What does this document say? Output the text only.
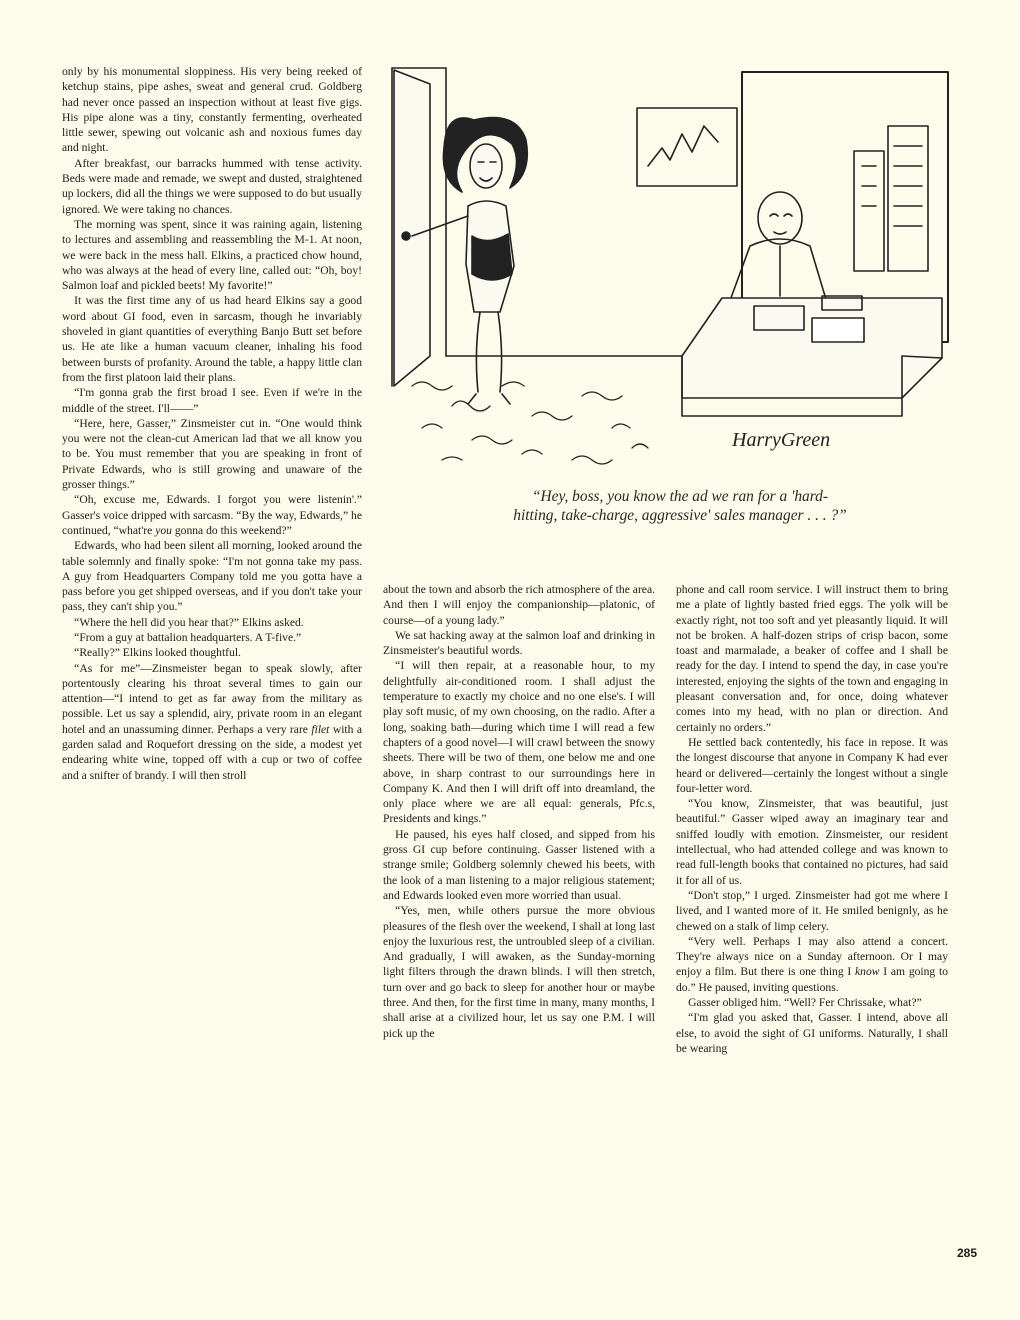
only by his monumental sloppiness. His very being reeked of ketchup stains, pipe ashes, sweat and general crud. Goldberg had never once passed an inspection without at least five gigs. His pipe alone was a tiny, constantly fermenting, overheated little sewer, spewing out volcanic ash and noxious fumes day and night.

After breakfast, our barracks hummed with tense activity. Beds were made and remade, we swept and dusted, straightened up lockers, did all the things we were supposed to do but usually ignored. We were taking no chances.

The morning was spent, since it was raining again, listening to lectures and assembling and reassembling the M-1. At noon, we were back in the mess hall. Elkins, a practiced chow hound, who was always at the head of every line, called out: “Oh, boy! Salmon loaf and pickled beets! My favorite!”

It was the first time any of us had heard Elkins say a good word about GI food, even in sarcasm, though he invariably shoveled in giant quantities of everything Banjo Butt set before us. He ate like a human vacuum cleaner, inhaling his food between bursts of profanity. Around the table, a happy little clan from the first platoon laid their plans.

“I'm gonna grab the first broad I see. Even if we're in the middle of the street. I'll——”

“Here, here, Gasser,” Zinsmeister cut in. “One would think you were not the clean-cut American lad that we all know you to be. You must remember that you are speaking in front of Private Edwards, who is still growing and unaware of the grosser things.”

“Oh, excuse me, Edwards. I forgot you were listenin'.” Gasser's voice dripped with sarcasm. “By the way, Edwards,” he continued, “what're you gonna do this weekend?”

Edwards, who had been silent all morning, looked around the table solemnly and finally spoke: “I'm not gonna take my pass. A guy from Headquarters Company told me you gotta have a pass before you get shipped overseas, and if you don't take your pass, they can't ship you.”

“Where the hell did you hear that?” Elkins asked.

“From a guy at battalion headquarters. A T-five.”

“Really?” Elkins looked thoughtful.

“As for me”—Zinsmeister began to speak slowly, after portentously clearing his throat several times to gain our attention—“I intend to get as far away from the military as possible. Let us say a splendid, airy, private room in an elegant hotel and an unassuming dinner. Perhaps a very rare filet with a garden salad and Roquefort dressing on the side, a modest yet endearing white wine, topped off with a cup or two of coffee and a snifter of brandy. I will then stroll

HarryGreen
“Hey, boss, you know the ad we ran for a 'hard-
hitting, take-charge, aggressive' sales manager . . . ?”

about the town and absorb the rich atmosphere of the area. And then I will enjoy the companionship—platonic, of course—of a young lady.”

We sat hacking away at the salmon loaf and drinking in Zinsmeister's beautiful words.

“I will then repair, at a reasonable hour, to my delightfully air-conditioned room. I shall adjust the temperature to exactly my choice and no one else's. I will play soft music, of my own choosing, on the radio. After a long, soaking bath—during which time I will read a few chapters of a good novel—I will crawl between the snowy sheets. There will be two of them, one below me and one above, in sharp contrast to our surroundings here in Company K. And then I will drift off into dreamland, the only place where we are all equal: generals, Pfc.s, Presidents and kings.”

He paused, his eyes half closed, and sipped from his gross GI cup before continuing. Gasser listened with a strange smile; Goldberg solemnly chewed his beets, with the look of a man listening to a major religious statement; and Edwards looked even more worried than usual.

“Yes, men, while others pursue the more obvious pleasures of the flesh over the weekend, I shall at long last enjoy the luxurious rest, the untroubled sleep of a civilian. And gradually, I will awaken, as the Sunday-morning light filters through the drawn blinds. I will then stretch, turn over and go back to sleep for another hour or maybe three. And then, for the first time in many, many months, I shall arise at a civilized hour, let us say one P.M. I will pick up the

phone and call room service. I will instruct them to bring me a plate of lightly basted fried eggs. The yolk will be exactly right, not too soft and yet pleasantly liquid. It will not be broken. A half-dozen strips of crisp bacon, some toast and marmalade, a beaker of coffee and I shall be ready for the day. I intend to spend the day, in case you're interested, enjoying the sights of the town and engaging in pleasant conversation and, for once, doing whatever comes into my head, with no plan or direction. And certainly no orders.”

He settled back contentedly, his face in repose. It was the longest discourse that anyone in Company K had ever heard or delivered—certainly the longest without a single four-letter word.

“You know, Zinsmeister, that was beautiful, just beautiful.” Gasser wiped away an imaginary tear and sniffed loudly with emotion. Zinsmeister, our resident intellectual, who had attended college and was known to read full-length books that contained no pictures, had said it for all of us.

“Don't stop,” I urged. Zinsmeister had got me where I lived, and I wanted more of it. He smiled benignly, as he chewed on a stalk of limp celery.

“Very well. Perhaps I may also attend a concert. They're always nice on a Sunday afternoon. Or I may enjoy a film. But there is one thing I know I am going to do.” He paused, inviting questions.

Gasser obliged him. “Well? Fer Chrissake, what?”

“I'm glad you asked that, Gasser. I intend, above all else, to avoid the sight of GI uniforms. Naturally, I shall be wearing

285
